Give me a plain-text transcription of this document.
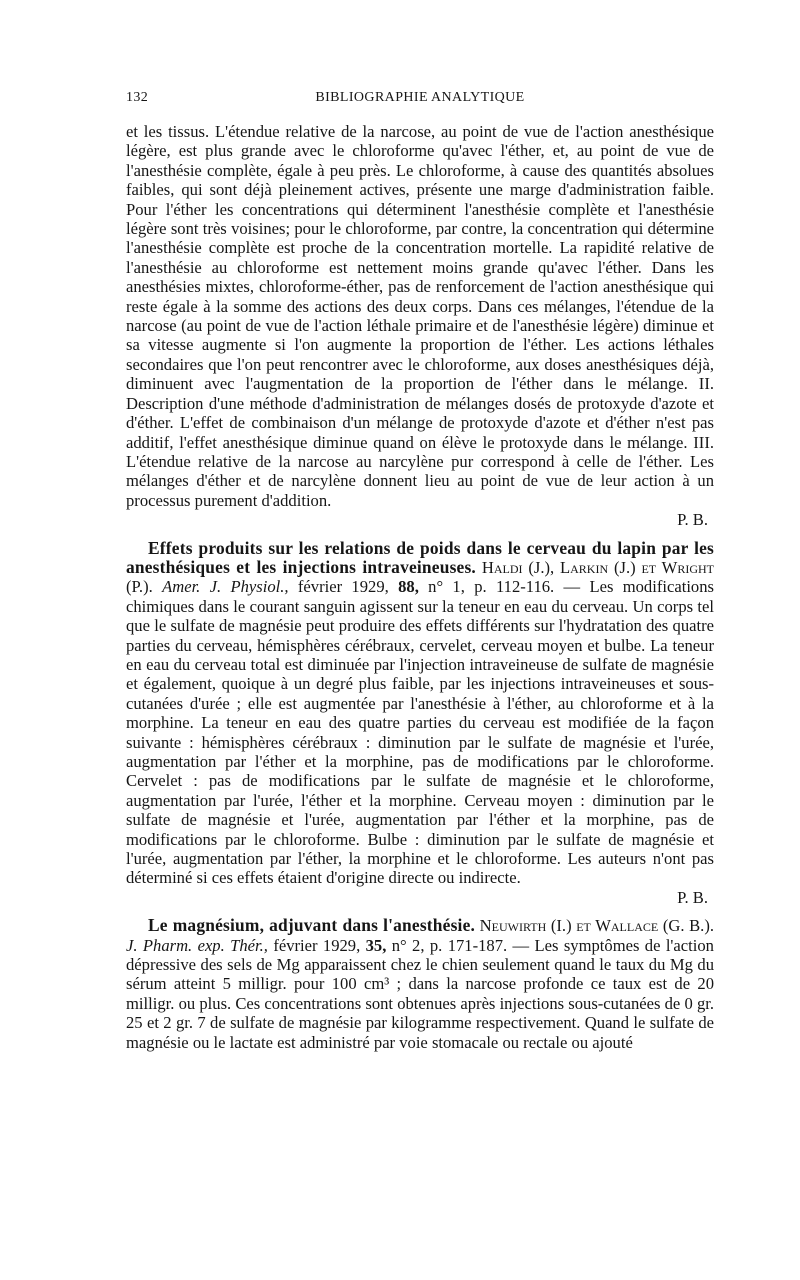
132	BIBLIOGRAPHIE ANALYTIQUE

et les tissus. L'étendue relative de la narcose, au point de vue de l'action anesthésique légère, est plus grande avec le chloroforme qu'avec l'éther, et, au point de vue de l'anesthésie complète, égale à peu près. Le chloroforme, à cause des quantités absolues faibles, qui sont déjà pleinement actives, présente une marge d'administration faible. Pour l'éther les concentrations qui déterminent l'anesthésie complète et l'anesthésie légère sont très voisines; pour le chloroforme, par contre, la concentration qui détermine l'anesthésie complète est proche de la concentration mortelle. La rapidité relative de l'anesthésie au chloroforme est nettement moins grande qu'avec l'éther. Dans les anesthésies mixtes, chloroforme-éther, pas de renforcement de l'action anesthésique qui reste égale à la somme des actions des deux corps. Dans ces mélanges, l'étendue de la narcose (au point de vue de l'action léthale primaire et de l'anesthésie légère) diminue et sa vitesse augmente si l'on augmente la proportion de l'éther. Les actions léthales secondaires que l'on peut rencontrer avec le chloroforme, aux doses anesthésiques déjà, diminuent avec l'augmentation de la proportion de l'éther dans le mélange. II. Description d'une méthode d'administration de mélanges dosés de protoxyde d'azote et d'éther. L'effet de combinaison d'un mélange de protoxyde d'azote et d'éther n'est pas additif, l'effet anesthésique diminue quand on élève le protoxyde dans le mélange. III. L'étendue relative de la narcose au narcylène pur correspond à celle de l'éther. Les mélanges d'éther et de narcylène donnent lieu au point de vue de leur action à un processus purement d'addition.

P. B.

Effets produits sur les relations de poids dans le cerveau du lapin par les anesthésiques et les injections intraveineuses. Haldi (J.), Larkin (J.) et Wright (P.). Amer. J. Physiol., février 1929, 88, n° 1, p. 112-116. — Les modifications chimiques dans le courant sanguin agissent sur la teneur en eau du cerveau. Un corps tel que le sulfate de magnésie peut produire des effets différents sur l'hydratation des quatre parties du cerveau, hémisphères cérébraux, cervelet, cerveau moyen et bulbe. La teneur en eau du cerveau total est diminuée par l'injection intraveineuse de sulfate de magnésie et également, quoique à un degré plus faible, par les injections intraveineuses et sous-cutanées d'urée ; elle est augmentée par l'anesthésie à l'éther, au chloroforme et à la morphine. La teneur en eau des quatre parties du cerveau est modifiée de la façon suivante : hémisphères cérébraux : diminution par le sulfate de magnésie et l'urée, augmentation par l'éther et la morphine, pas de modifications par le chloroforme. Cervelet : pas de modifications par le sulfate de magnésie et le chloroforme, augmentation par l'urée, l'éther et la morphine. Cerveau moyen : diminution par le sulfate de magnésie et l'urée, augmentation par l'éther et la morphine, pas de modifications par le chloroforme. Bulbe : diminution par le sulfate de magnésie et l'urée, augmentation par l'éther, la morphine et le chloroforme. Les auteurs n'ont pas déterminé si ces effets étaient d'origine directe ou indirecte.

P. B.

Le magnésium, adjuvant dans l'anesthésie. Neuwirth (I.) et Wallace (G. B.). J. Pharm. exp. Thér., février 1929, 35, n° 2, p. 171-187. — Les symptômes de l'action dépressive des sels de Mg apparaissent chez le chien seulement quand le taux du Mg du sérum atteint 5 milligr. pour 100 cm³ ; dans la narcose profonde ce taux est de 20 milligr. ou plus. Ces concentrations sont obtenues après injections sous-cutanées de 0 gr. 25 et 2 gr. 7 de sulfate de magnésie par kilogramme respectivement. Quand le sulfate de magnésie ou le lactate est administré par voie stomacale ou rectale ou ajouté
